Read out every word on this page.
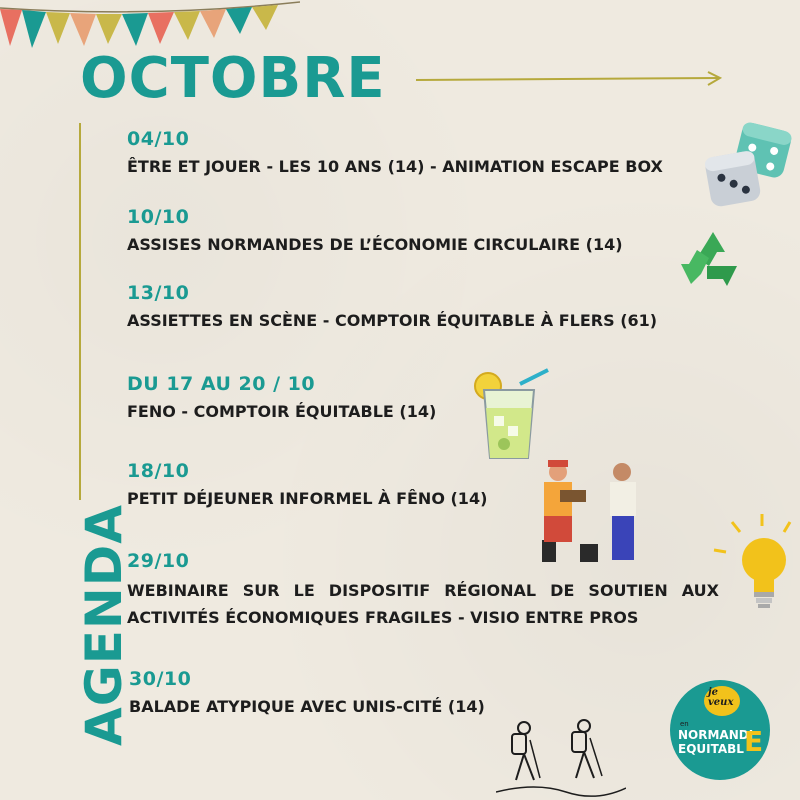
OCTOBRE
AGENDA
04/10
ÊTRE ET JOUER - LES 10 ANS (14) - ANIMATION ESCAPE BOX
10/10
ASSISES NORMANDES DE L’ÉCONOMIE CIRCULAIRE (14)
13/10
ASSIETTES EN SCÈNE - COMPTOIR ÉQUITABLE À FLERS (61)
DU 17 AU 20 / 10
FENO - COMPTOIR ÉQUITABLE (14)
18/10
PETIT DÉJEUNER INFORMEL À FÊNO (14)
29/10
WEBINAIRE SUR LE DISPOSITIF RÉGIONAL DE SOUTIEN AUX
ACTIVITÉS ÉCONOMIQUES FRAGILES - VISIO ENTRE PROS
30/10
BALADE ATYPIQUE AVEC UNIS-CITÉ (14)
je
veux
en
NORMANDI
EQUITABL E
